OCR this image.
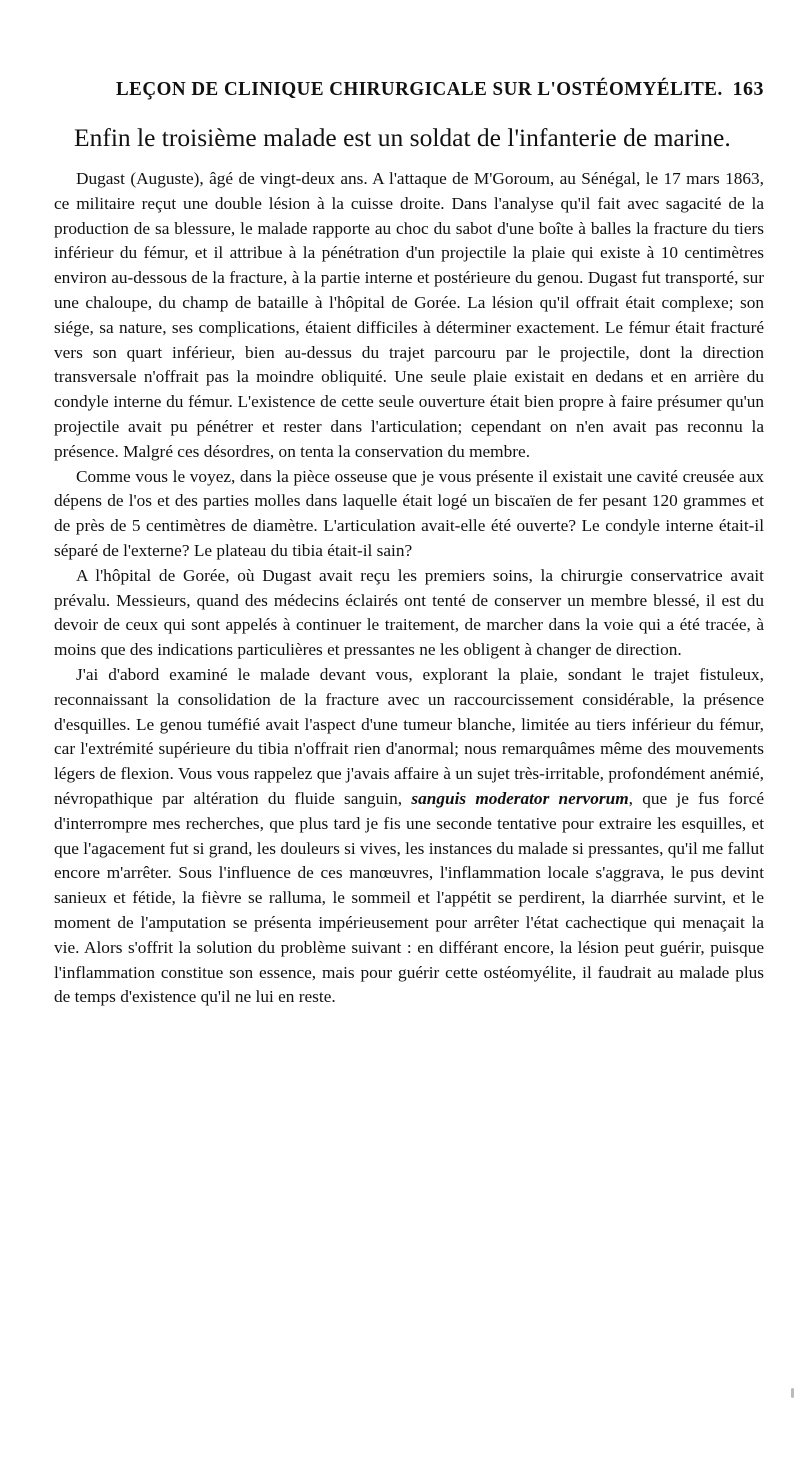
LEÇON DE CLINIQUE CHIRURGICALE SUR L'OSTÉOMYÉLITE. 163

Enfin le troisième malade est un soldat de l'infanterie de marine.

Dugast (Auguste), âgé de vingt-deux ans. A l'attaque de M'Goroum, au Sénégal, le 17 mars 1863, ce militaire reçut une double lésion à la cuisse droite. Dans l'analyse qu'il fait avec sagacité de la production de sa blessure, le malade rapporte au choc du sabot d'une boîte à balles la fracture du tiers inférieur du fémur, et il attribue à la pénétration d'un projectile la plaie qui existe à 10 centimètres environ au-dessous de la fracture, à la partie interne et postérieure du genou. Dugast fut transporté, sur une chaloupe, du champ de bataille à l'hôpital de Gorée. La lésion qu'il offrait était complexe; son siége, sa nature, ses complications, étaient difficiles à déterminer exactement. Le fémur était fracturé vers son quart inférieur, bien au-dessus du trajet parcouru par le projectile, dont la direction transversale n'offrait pas la moindre obliquité. Une seule plaie existait en dedans et en arrière du condyle interne du fémur. L'existence de cette seule ouverture était bien propre à faire présumer qu'un projectile avait pu pénétrer et rester dans l'articulation; cependant on n'en avait pas reconnu la présence. Malgré ces désordres, on tenta la conservation du membre.

Comme vous le voyez, dans la pièce osseuse que je vous présente il existait une cavité creusée aux dépens de l'os et des parties molles dans laquelle était logé un biscaïen de fer pesant 120 grammes et de près de 5 centimètres de diamètre. L'articulation avait-elle été ouverte? Le condyle interne était-il séparé de l'externe? Le plateau du tibia était-il sain?

A l'hôpital de Gorée, où Dugast avait reçu les premiers soins, la chirurgie conservatrice avait prévalu. Messieurs, quand des médecins éclairés ont tenté de conserver un membre blessé, il est du devoir de ceux qui sont appelés à continuer le traitement, de marcher dans la voie qui a été tracée, à moins que des indications particulières et pressantes ne les obligent à changer de direction.

J'ai d'abord examiné le malade devant vous, explorant la plaie, sondant le trajet fistuleux, reconnaissant la consolidation de la fracture avec un raccourcissement considérable, la présence d'esquilles. Le genou tuméfié avait l'aspect d'une tumeur blanche, limitée au tiers inférieur du fémur, car l'extrémité supérieure du tibia n'offrait rien d'anormal; nous remarquâmes même des mouvements légers de flexion. Vous vous rappelez que j'avais affaire à un sujet très-irritable, profondément anémié, névropathique par altération du fluide sanguin, sanguis moderator nervorum, que je fus forcé d'interrompre mes recherches, que plus tard je fis une seconde tentative pour extraire les esquilles, et que l'agacement fut si grand, les douleurs si vives, les instances du malade si pressantes, qu'il me fallut encore m'arrêter. Sous l'influence de ces manœuvres, l'inflammation locale s'aggrava, le pus devint sanieux et fétide, la fièvre se ralluma, le sommeil et l'appétit se perdirent, la diarrhée survint, et le moment de l'amputation se présenta impérieusement pour arrêter l'état cachectique qui menaçait la vie. Alors s'offrit la solution du problème suivant : en différant encore, la lésion peut guérir, puisque l'inflammation constitue son essence, mais pour guérir cette ostéomyélite, il faudrait au malade plus de temps d'existence qu'il ne lui en reste.
